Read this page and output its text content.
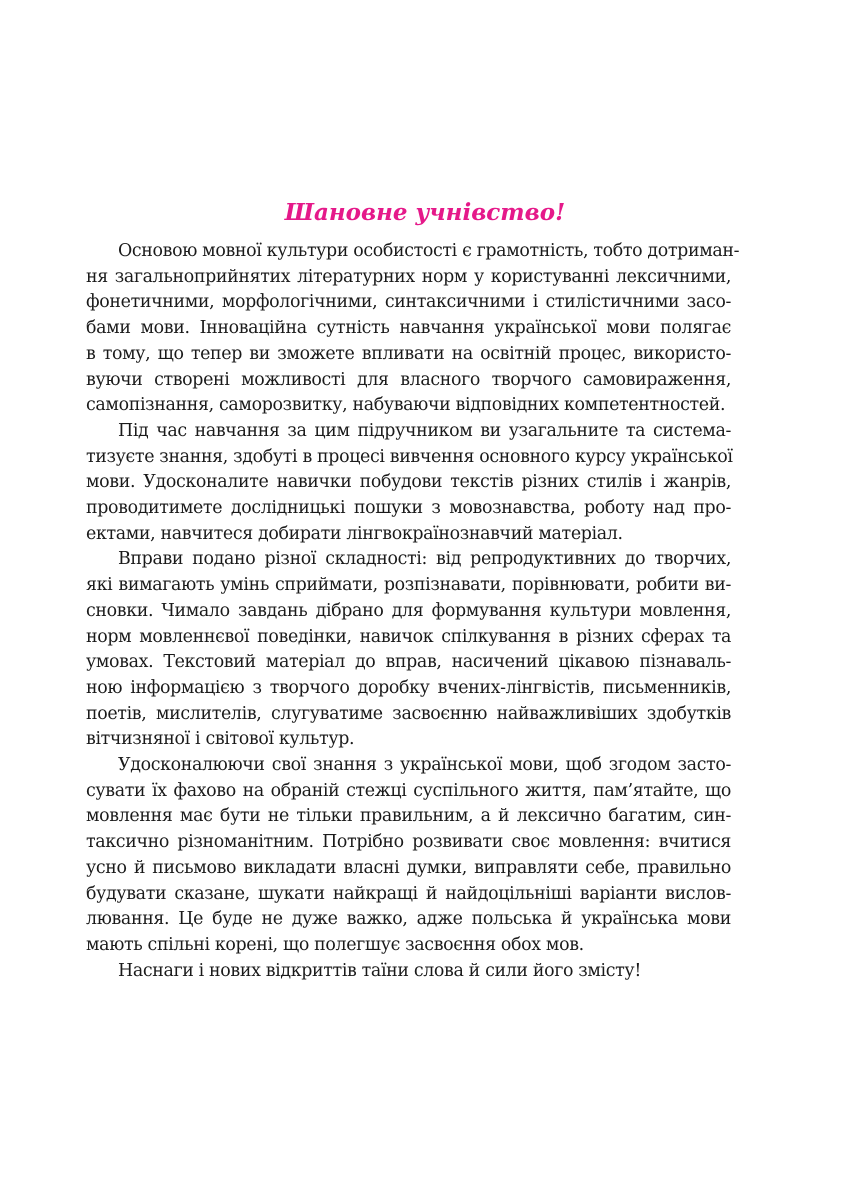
Шановне учнівство!
Основою мовної культури особистості є грамотність, тобто дотриман-
ня загальноприйнятих літературних норм у користуванні лексичними,
фонетичними, морфологічними, синтаксичними і стилістичними засо-
бами мови. Інноваційна сутність навчання української мови полягає
в тому, що тепер ви зможете впливати на освітній процес, використо-
вуючи створені можливості для власного творчого самовираження,
самопізнання, саморозвитку, набуваючи відповідних компетентностей.
Під час навчання за цим підручником ви узагальните та система-
тизуєте знання, здобуті в процесі вивчення основного курсу української
мови. Удосконалите навички побудови текстів різних стилів і жанрів,
проводитимете дослідницькі пошуки з мовознавства, роботу над про-
ектами, навчитеся добирати лінгвокраїнознавчий матеріал.
Вправи подано різної складності: від репродуктивних до творчих,
які вимагають умінь сприймати, розпізнавати, порівнювати, робити ви-
сновки. Чимало завдань дібрано для формування культури мовлення,
норм мовленнєвої поведінки, навичок спілкування в різних сферах та
умовах. Текстовий матеріал до вправ, насичений цікавою пізнаваль-
ною інформацією з творчого доробку вчених-лінгвістів, письменників,
поетів, мислителів, слугуватиме засвоєнню найважливіших здобутків
вітчизняної і світової культур.
Удосконалюючи свої знання з української мови, щоб згодом засто-
сувати їх фахово на обраній стежці суспільного життя, пам’ятайте, що
мовлення має бути не тільки правильним, а й лексично багатим, син-
таксично різноманітним. Потрібно розвивати своє мовлення: вчитися
усно й письмово викладати власні думки, виправляти себе, правильно
будувати сказане, шукати найкращі й найдоцільніші варіанти вислов-
лювання. Це буде не дуже важко, адже польська й українська мови
мають спільні корені, що полегшує засвоєння обох мов.
Наснаги і нових відкриттів таїни слова й сили його змісту!
